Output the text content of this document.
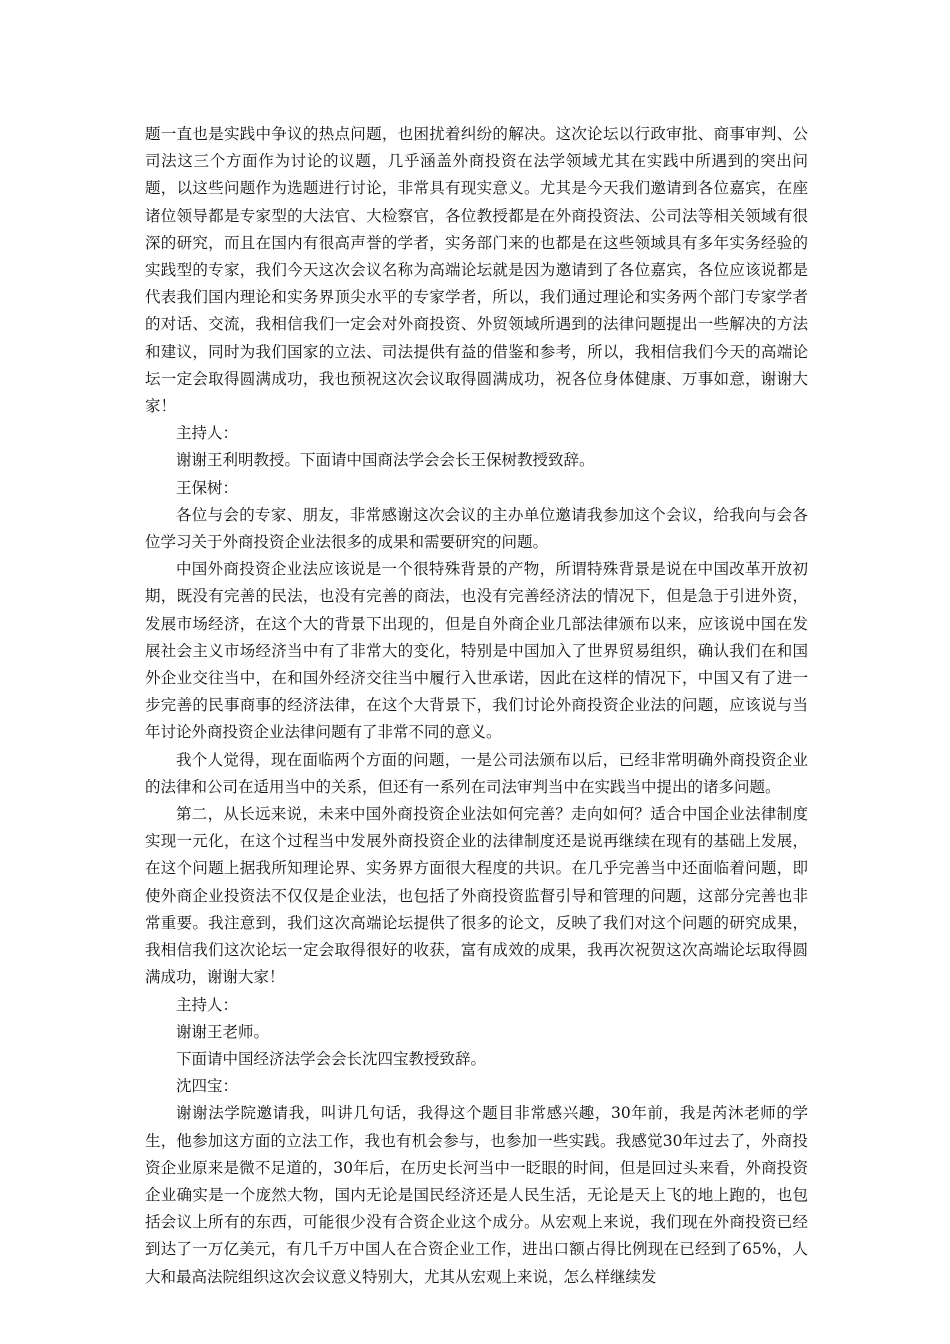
题一直也是实践中争议的热点问题，也困扰着纠纷的解决。这次论坛以行政审批、商事审判、公司法这三个方面作为讨论的议题，几乎涵盖外商投资在法学领域尤其在实践中所遇到的突出问题，以这些问题作为选题进行讨论，非常具有现实意义。尤其是今天我们邀请到各位嘉宾，在座诸位领导都是专家型的大法官、大检察官，各位教授都是在外商投资法、公司法等相关领域有很深的研究，而且在国内有很高声誉的学者，实务部门来的也都是在这些领域具有多年实务经验的实践型的专家，我们今天这次会议名称为高端论坛就是因为邀请到了各位嘉宾，各位应该说都是代表我们国内理论和实务界顶尖水平的专家学者，所以，我们通过理论和实务两个部门专家学者的对话、交流，我相信我们一定会对外商投资、外贸领域所遇到的法律问题提出一些解决的方法和建议，同时为我们国家的立法、司法提供有益的借鉴和参考，所以，我相信我们今天的高端论坛一定会取得圆满成功，我也预祝这次会议取得圆满成功，祝各位身体健康、万事如意，谢谢大家！

主持人：

谢谢王利明教授。下面请中国商法学会会长王保树教授致辞。

王保树：

各位与会的专家、朋友，非常感谢这次会议的主办单位邀请我参加这个会议，给我向与会各位学习关于外商投资企业法很多的成果和需要研究的问题。

中国外商投资企业法应该说是一个很特殊背景的产物，所谓特殊背景是说在中国改革开放初期，既没有完善的民法，也没有完善的商法，也没有完善经济法的情况下，但是急于引进外资，发展市场经济，在这个大的背景下出现的，但是自外商企业几部法律颁布以来，应该说中国在发展社会主义市场经济当中有了非常大的变化，特别是中国加入了世界贸易组织，确认我们在和国外企业交往当中，在和国外经济交往当中履行入世承诺，因此在这样的情况下，中国又有了进一步完善的民事商事的经济法律，在这个大背景下，我们讨论外商投资企业法的问题，应该说与当年讨论外商投资企业法律问题有了非常不同的意义。

我个人觉得，现在面临两个方面的问题，一是公司法颁布以后，已经非常明确外商投资企业的法律和公司在适用当中的关系，但还有一系列在司法审判当中在实践当中提出的诸多问题。

第二，从长远来说，未来中国外商投资企业法如何完善？走向如何？适合中国企业法律制度实现一元化，在这个过程当中发展外商投资企业的法律制度还是说再继续在现有的基础上发展，在这个问题上据我所知理论界、实务界方面很大程度的共识。在几乎完善当中还面临着问题，即使外商企业投资法不仅仅是企业法，也包括了外商投资监督引导和管理的问题，这部分完善也非常重要。我注意到，我们这次高端论坛提供了很多的论文，反映了我们对这个问题的研究成果，我相信我们这次论坛一定会取得很好的收获，富有成效的成果，我再次祝贺这次高端论坛取得圆满成功，谢谢大家！

主持人：

谢谢王老师。

下面请中国经济法学会会长沈四宝教授致辞。

沈四宝：

谢谢法学院邀请我，叫讲几句话，我得这个题目非常感兴趣，30年前，我是芮沐老师的学生，他参加这方面的立法工作，我也有机会参与，也参加一些实践。我感觉30年过去了，外商投资企业原来是微不足道的，30年后，在历史长河当中一眨眼的时间，但是回过头来看，外商投资企业确实是一个庞然大物，国内无论是国民经济还是人民生活，无论是天上飞的地上跑的，也包括会议上所有的东西，可能很少没有合资企业这个成分。从宏观上来说，我们现在外商投资已经到达了一万亿美元，有几千万中国人在合资企业工作，进出口额占得比例现在已经到了65%，人大和最高法院组织这次会议意义特别大，尤其从宏观上来说，怎么样继续发
